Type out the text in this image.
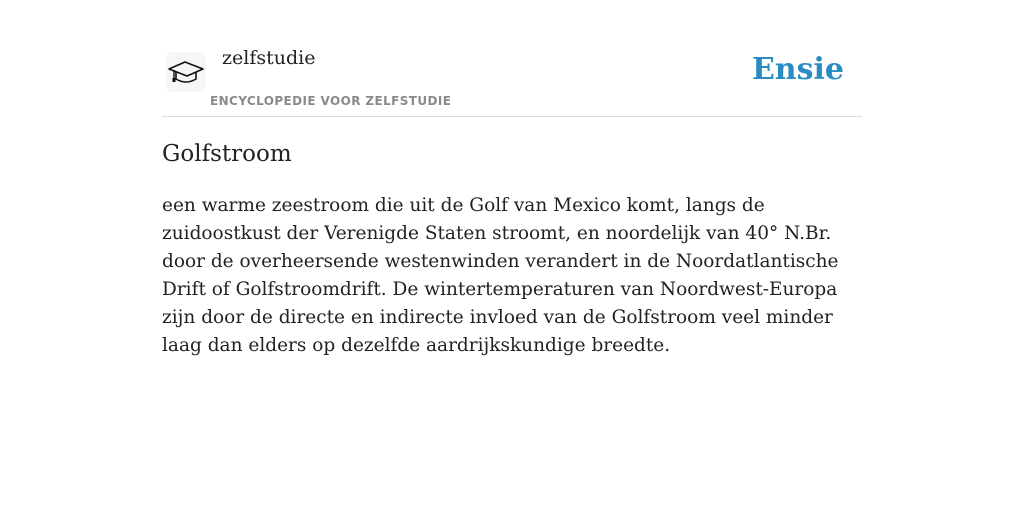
zelfstudie
ENCYCLOPEDIE VOOR ZELFSTUDIE
Ensie
Golfstroom

een warme zeestroom die uit de Golf van Mexico komt, langs de zuidoostkust der Verenigde Staten stroomt, en noordelijk van 40° N.Br. door de overheersende westenwinden verandert in de Noordatlantische Drift of Golfstroomdrift. De wintertemperaturen van Noordwest-Europa zijn door de directe en indirecte invloed van de Golfstroom veel minder laag dan elders op dezelfde aardrijkskundige breedte.
